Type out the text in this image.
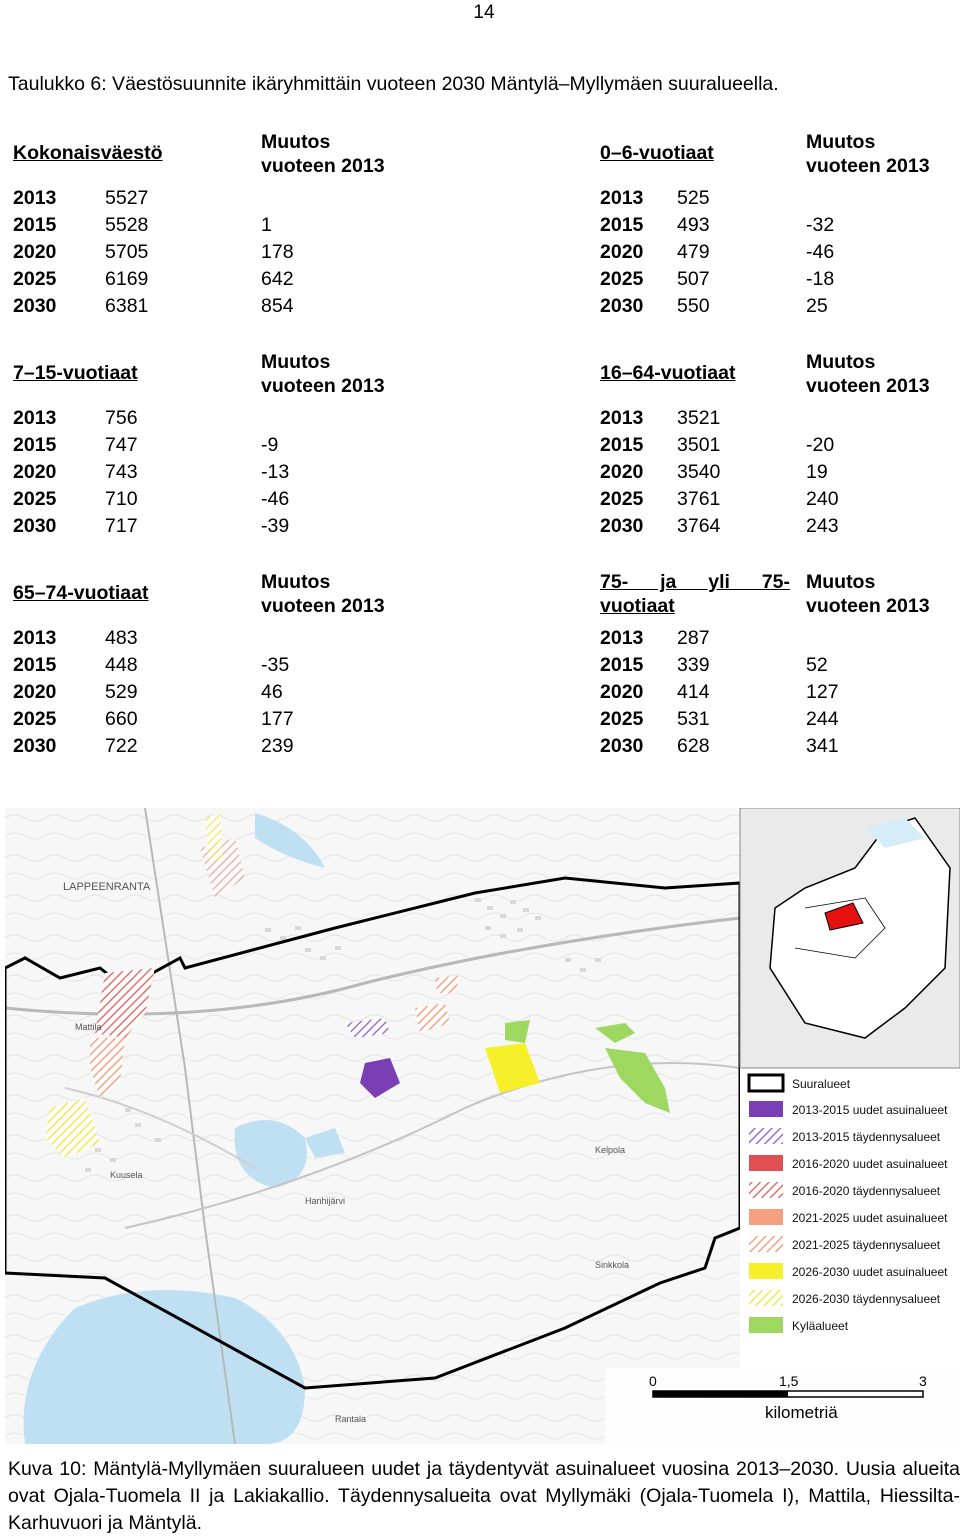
14
Taulukko 6: Väestösuunnite ikäryhmittäin vuoteen 2030 Mäntylä–Myllymäen suuralueella.
Kokonaisväestö	Muutos
vuoteen 2013
2013 5527
2015 5528	1
2020 5705	178
2025 6169	642
2030 6381	854
0–6-vuotiaat	Muutos
vuoteen 2013
2013 525
2015 493	-32
2020 479	-46
2025 507	-18
2030 550	25
7–15-vuotiaat	Muutos
vuoteen 2013
2013 756
2015 747	-9
2020 743	-13
2025 710	-46
2030 717	-39
16–64-vuotiaat	Muutos
vuoteen 2013
2013 3521
2015 3501	-20
2020 3540	19
2025 3761	240
2030 3764	243
65–74-vuotiaat	Muutos
vuoteen 2013
2013 483
2015 448	-35
2020 529	46
2025 660	177
2030 722	239
75- ja yli 75-
vuotiaat
Muutos
vuoteen 2013
2013 287
2015 339	52
2020 414	127
2025 531	244
2030 628	341
LAPPEENRANTA
Mattila
Kuusela
Hanhijärvi
Kelpola
Sinkkola
Rantala
Suuralueet
2013-2015 uudet asuinalueet
2013-2015 täydennysalueet
2016-2020 uudet asuinalueet
2016-2020 täydennysalueet
2021-2025 uudet asuinalueet
2021-2025 täydennysalueet
2026-2030 uudet asuinalueet
2026-2030 täydennysalueet
Kyläalueet
0	1,5	3
kilometriä
Kuva 10: Mäntylä-Myllymäen suuralueen uudet ja täydentyvät asuinalueet vuosina 2013–2030. Uusia alueita ovat Ojala-Tuomela II ja Lakiakallio. Täydennysalueita ovat Myllymäki (Ojala-Tuomela I), Mattila, Hiessilta-Karhuvuori ja Mäntylä.
